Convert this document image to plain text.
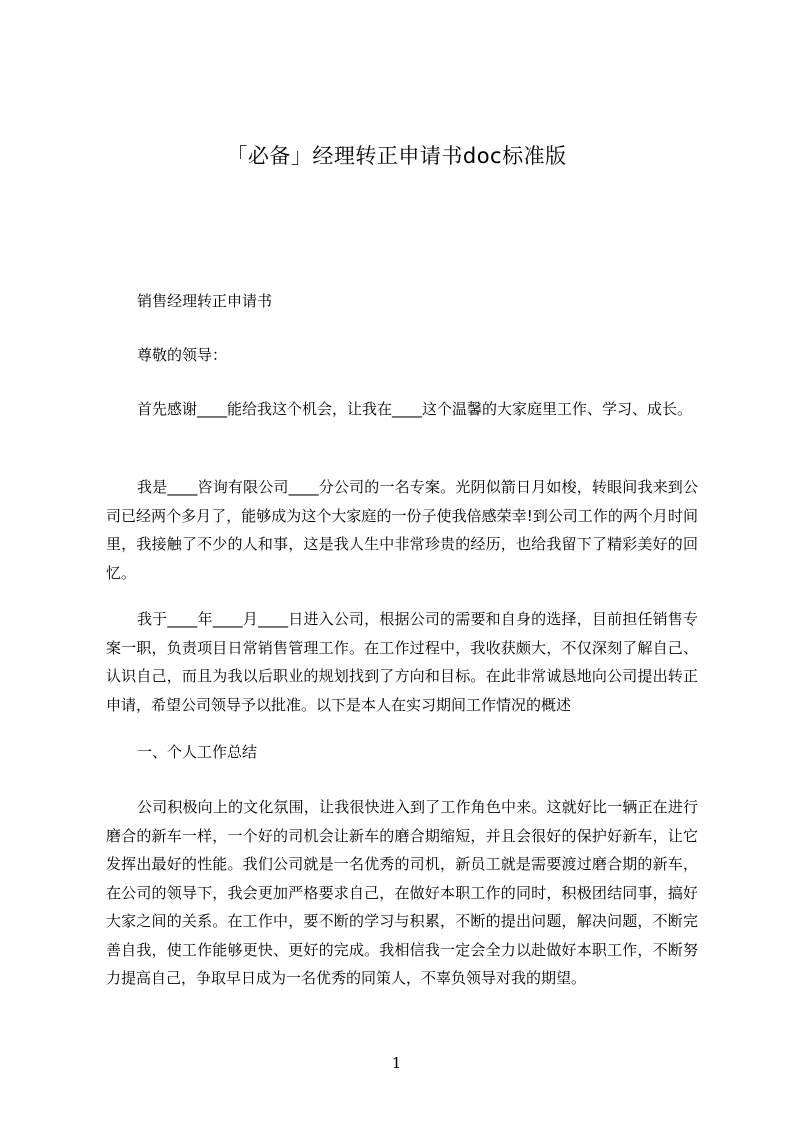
「必备」经理转正申请书doc标准版
销售经理转正申请书
尊敬的领导：
首先感谢____能给我这个机会，让我在____这个温馨的大家庭里工作、学习、成长。
我是____咨询有限公司____分公司的一名专案。光阴似箭日月如梭，转眼间我来到公司已经两个多月了，能够成为这个大家庭的一份子使我倍感荣幸!到公司工作的两个月时间里，我接触了不少的人和事，这是我人生中非常珍贵的经历，也给我留下了精彩美好的回忆。
我于____年____月____日进入公司，根据公司的需要和自身的选择，目前担任销售专案一职，负责项目日常销售管理工作。在工作过程中，我收获颇大，不仅深刻了解自己、认识自己，而且为我以后职业的规划找到了方向和目标。在此非常诚恳地向公司提出转正申请，希望公司领导予以批准。以下是本人在实习期间工作情况的概述
一、个人工作总结
公司积极向上的文化氛围，让我很快进入到了工作角色中来。这就好比一辆正在进行磨合的新车一样，一个好的司机会让新车的磨合期缩短，并且会很好的保护好新车，让它发挥出最好的性能。我们公司就是一名优秀的司机，新员工就是需要渡过磨合期的新车，在公司的领导下，我会更加严格要求自己，在做好本职工作的同时，积极团结同事，搞好大家之间的关系。在工作中，要不断的学习与积累，不断的提出问题，解决问题，不断完善自我，使工作能够更快、更好的完成。我相信我一定会全力以赴做好本职工作，不断努力提高自己，争取早日成为一名优秀的同策人，不辜负领导对我的期望。
1
